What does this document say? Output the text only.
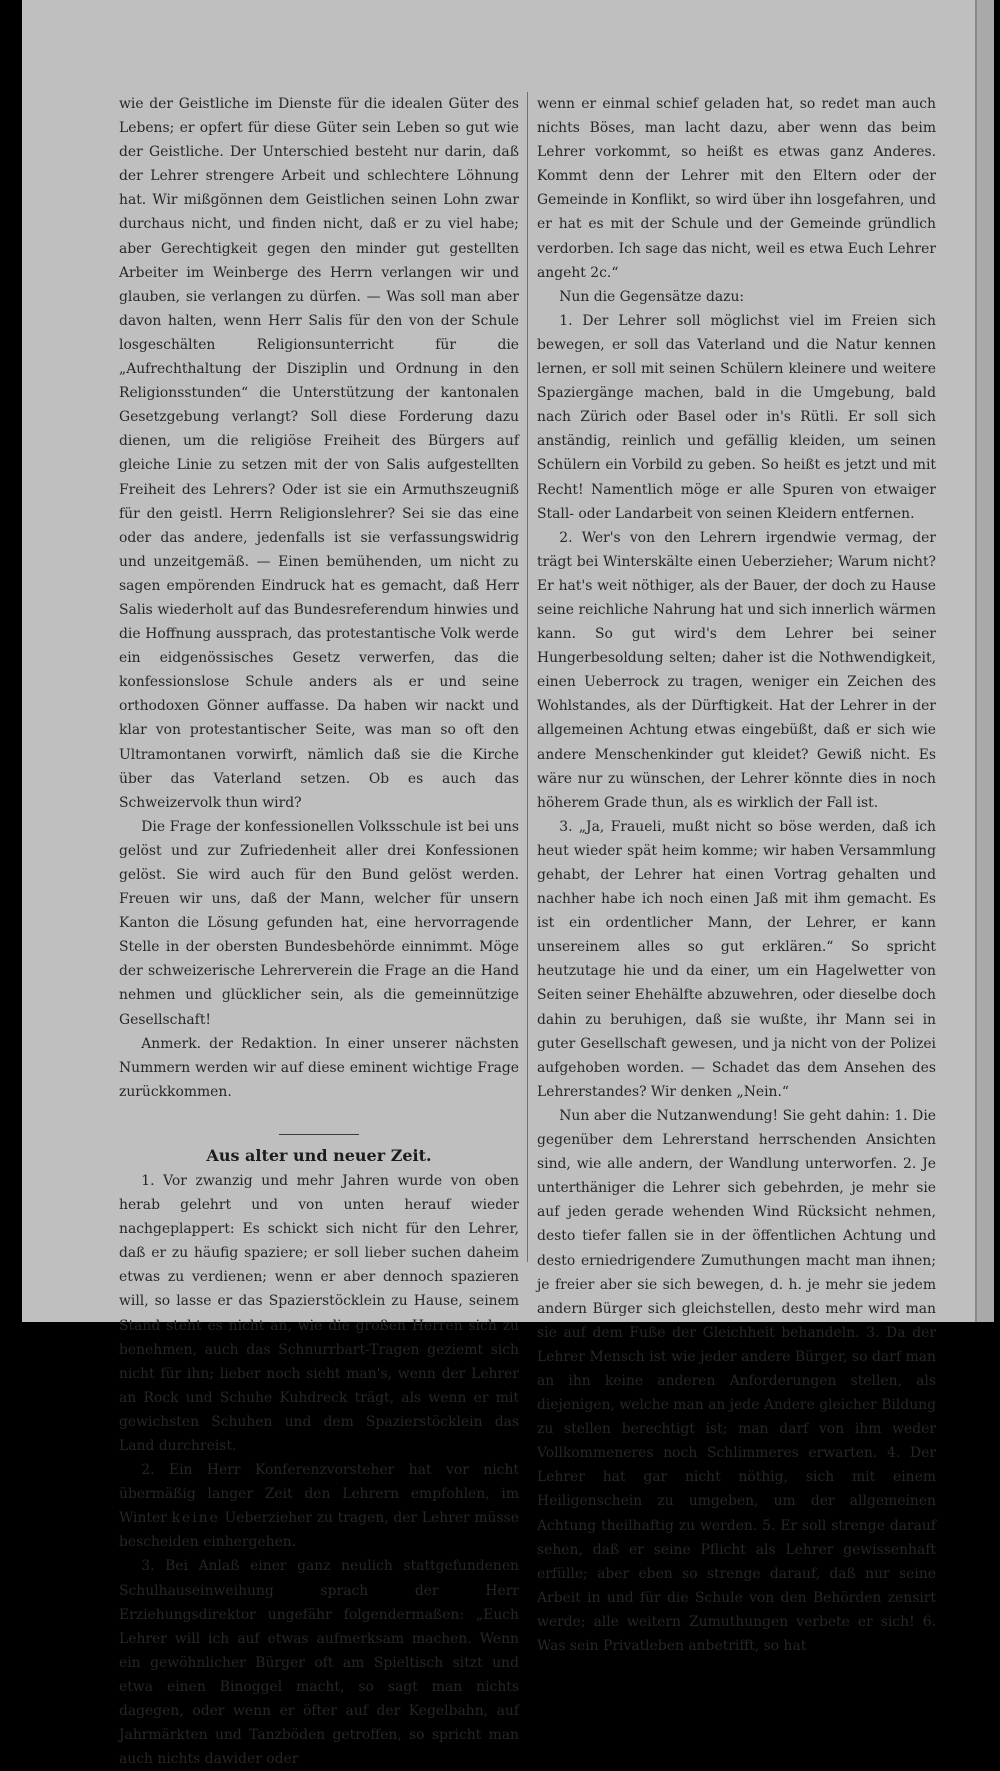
wie der Geistliche im Dienste für die idealen Güter des Lebens; er opfert für diese Güter sein Leben so gut wie der Geistliche. Der Unterschied besteht nur darin, daß der Lehrer strengere Arbeit und schlechtere Löhnung hat. Wir mißgönnen dem Geistlichen seinen Lohn zwar durchaus nicht, und finden nicht, daß er zu viel habe; aber Gerechtigkeit gegen den minder gut gestellten Arbeiter im Weinberge des Herrn verlangen wir und glauben, sie verlangen zu dürfen. — Was soll man aber davon halten, wenn Herr Salis für den von der Schule losgeschälten Religionsunterricht für die „Aufrechthaltung der Disziplin und Ordnung in den Religionsstunden“ die Unterstützung der kantonalen Gesetzgebung verlangt? Soll diese Forderung dazu dienen, um die religiöse Freiheit des Bürgers auf gleiche Linie zu setzen mit der von Salis aufgestellten Freiheit des Lehrers? Oder ist sie ein Armuthszeugniß für den geistl. Herrn Religionslehrer? Sei sie das eine oder das andere, jedenfalls ist sie verfassungswidrig und unzeitgemäß. — Einen bemühenden, um nicht zu sagen empörenden Eindruck hat es gemacht, daß Herr Salis wiederholt auf das Bundesreferendum hinwies und die Hoffnung aussprach, das protestantische Volk werde ein eidgenössisches Gesetz verwerfen, das die konfessionslose Schule anders als er und seine orthodoxen Gönner auffasse. Da haben wir nackt und klar von protestantischer Seite, was man so oft den Ultramontanen vorwirft, nämlich daß sie die Kirche über das Vaterland setzen. Ob es auch das Schweizervolk thun wird?

Die Frage der konfessionellen Volksschule ist bei uns gelöst und zur Zufriedenheit aller drei Konfessionen gelöst. Sie wird auch für den Bund gelöst werden. Freuen wir uns, daß der Mann, welcher für unsern Kanton die Lösung gefunden hat, eine hervorragende Stelle in der obersten Bundesbehörde einnimmt. Möge der schweizerische Lehrerverein die Frage an die Hand nehmen und glücklicher sein, als die gemeinnützige Gesellschaft!

Anmerk. der Redaktion. In einer unserer nächsten Nummern werden wir auf diese eminent wichtige Frage zurückkommen.

Aus alter und neuer Zeit.

1. Vor zwanzig und mehr Jahren wurde von oben herab gelehrt und von unten herauf wieder nachgeplappert: Es schickt sich nicht für den Lehrer, daß er zu häufig spaziere; er soll lieber suchen daheim etwas zu verdienen; wenn er aber dennoch spazieren will, so lasse er das Spazierstöcklein zu Hause, seinem Stand steht es nicht an, wie die großen Herren sich zu benehmen, auch das Schnurrbart-Tragen geziemt sich nicht für ihn; lieber noch sieht man's, wenn der Lehrer an Rock und Schuhe Kuhdreck trägt, als wenn er mit gewichsten Schuhen und dem Spazierstöcklein das Land durchreist.

2. Ein Herr Konferenzvorsteher hat vor nicht übermäßig langer Zeit den Lehrern empfohlen, im Winter keine Ueberzieher zu tragen, der Lehrer müsse bescheiden einhergehen.

3. Bei Anlaß einer ganz neulich stattgefundenen Schulhauseinweihung sprach der Herr Erziehungsdirektor ungefähr folgendermaßen: „Euch Lehrer will ich auf etwas aufmerksam machen. Wenn ein gewöhnlicher Bürger oft am Spieltisch sitzt und etwa einen Binoggel macht, so sagt man nichts dagegen, oder wenn er öfter auf der Kegelbahn, auf Jahrmärkten und Tanzböden getroffen, so spricht man auch nichts dawider oder

wenn er einmal schief geladen hat, so redet man auch nichts Böses, man lacht dazu, aber wenn das beim Lehrer vorkommt, so heißt es etwas ganz Anderes. Kommt denn der Lehrer mit den Eltern oder der Gemeinde in Konflikt, so wird über ihn losgefahren, und er hat es mit der Schule und der Gemeinde gründlich verdorben. Ich sage das nicht, weil es etwa Euch Lehrer angeht 2c.“

Nun die Gegensätze dazu:

1. Der Lehrer soll möglichst viel im Freien sich bewegen, er soll das Vaterland und die Natur kennen lernen, er soll mit seinen Schülern kleinere und weitere Spaziergänge machen, bald in die Umgebung, bald nach Zürich oder Basel oder in's Rütli. Er soll sich anständig, reinlich und gefällig kleiden, um seinen Schülern ein Vorbild zu geben. So heißt es jetzt und mit Recht! Namentlich möge er alle Spuren von etwaiger Stall- oder Landarbeit von seinen Kleidern entfernen.

2. Wer's von den Lehrern irgendwie vermag, der trägt bei Winterskälte einen Ueberzieher; Warum nicht? Er hat's weit nöthiger, als der Bauer, der doch zu Hause seine reichliche Nahrung hat und sich innerlich wärmen kann. So gut wird's dem Lehrer bei seiner Hungerbesoldung selten; daher ist die Nothwendigkeit, einen Ueberrock zu tragen, weniger ein Zeichen des Wohlstandes, als der Dürftigkeit. Hat der Lehrer in der allgemeinen Achtung etwas eingebüßt, daß er sich wie andere Menschenkinder gut kleidet? Gewiß nicht. Es wäre nur zu wünschen, der Lehrer könnte dies in noch höherem Grade thun, als es wirklich der Fall ist.

3. „Ja, Fraueli, mußt nicht so böse werden, daß ich heut wieder spät heim komme; wir haben Versammlung gehabt, der Lehrer hat einen Vortrag gehalten und nachher habe ich noch einen Jaß mit ihm gemacht. Es ist ein ordentlicher Mann, der Lehrer, er kann unsereinem alles so gut erklären.“ So spricht heutzutage hie und da einer, um ein Hagelwetter von Seiten seiner Ehehälfte abzuwehren, oder dieselbe doch dahin zu beruhigen, daß sie wußte, ihr Mann sei in guter Gesellschaft gewesen, und ja nicht von der Polizei aufgehoben worden. — Schadet das dem Ansehen des Lehrerstandes? Wir denken „Nein.“

Nun aber die Nutzanwendung! Sie geht dahin: 1. Die gegenüber dem Lehrerstand herrschenden Ansichten sind, wie alle andern, der Wandlung unterworfen. 2. Je unterthäniger die Lehrer sich gebehrden, je mehr sie auf jeden gerade wehenden Wind Rücksicht nehmen, desto tiefer fallen sie in der öffentlichen Achtung und desto erniedrigendere Zumuthungen macht man ihnen; je freier aber sie sich bewegen, d. h. je mehr sie jedem andern Bürger sich gleichstellen, desto mehr wird man sie auf dem Fuße der Gleichheit behandeln. 3. Da der Lehrer Mensch ist wie jeder andere Bürger, so darf man an ihn keine anderen Anforderungen stellen, als diejenigen, welche man an jede Andere gleicher Bildung zu stellen berechtigt ist; man darf von ihm weder Vollkommeneres noch Schlimmeres erwarten. 4. Der Lehrer hat gar nicht nöthig, sich mit einem Heiligenschein zu umgeben, um der allgemeinen Achtung theilhaftig zu werden. 5. Er soll strenge darauf sehen, daß er seine Pflicht als Lehrer gewissenhaft erfülle; aber eben so strenge darauf, daß nur seine Arbeit in und für die Schule von den Behörden zensirt werde; alle weitern Zumuthungen verbete er sich! 6. Was sein Privatleben anbetrifft, so hat
